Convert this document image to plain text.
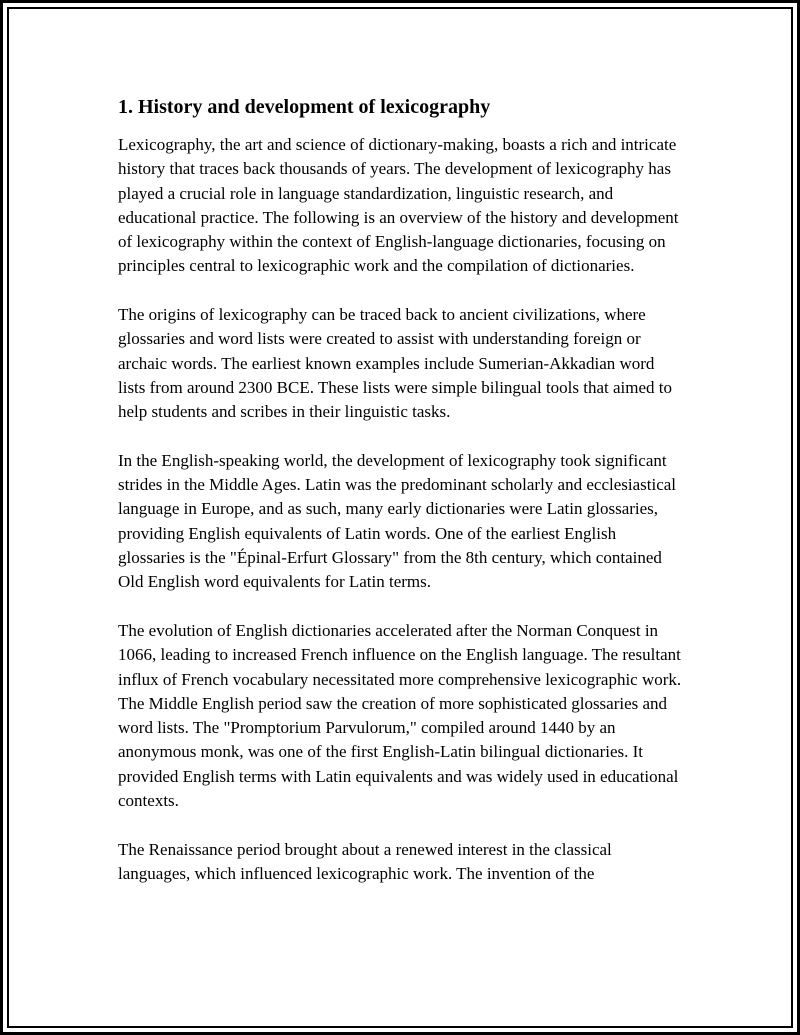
1. History and development of lexicography

Lexicography, the art and science of dictionary-making, boasts a rich and intricate history that traces back thousands of years. The development of lexicography has played a crucial role in language standardization, linguistic research, and educational practice. The following is an overview of the history and development of lexicography within the context of English-language dictionaries, focusing on principles central to lexicographic work and the compilation of dictionaries.

The origins of lexicography can be traced back to ancient civilizations, where glossaries and word lists were created to assist with understanding foreign or archaic words. The earliest known examples include Sumerian-Akkadian word lists from around 2300 BCE. These lists were simple bilingual tools that aimed to help students and scribes in their linguistic tasks.

In the English-speaking world, the development of lexicography took significant strides in the Middle Ages. Latin was the predominant scholarly and ecclesiastical language in Europe, and as such, many early dictionaries were Latin glossaries, providing English equivalents of Latin words. One of the earliest English glossaries is the "Épinal-Erfurt Glossary" from the 8th century, which contained Old English word equivalents for Latin terms.

The evolution of English dictionaries accelerated after the Norman Conquest in 1066, leading to increased French influence on the English language. The resultant influx of French vocabulary necessitated more comprehensive lexicographic work. The Middle English period saw the creation of more sophisticated glossaries and word lists. The "Promptorium Parvulorum," compiled around 1440 by an anonymous monk, was one of the first English-Latin bilingual dictionaries. It provided English terms with Latin equivalents and was widely used in educational contexts.

The Renaissance period brought about a renewed interest in the classical languages, which influenced lexicographic work. The invention of the
